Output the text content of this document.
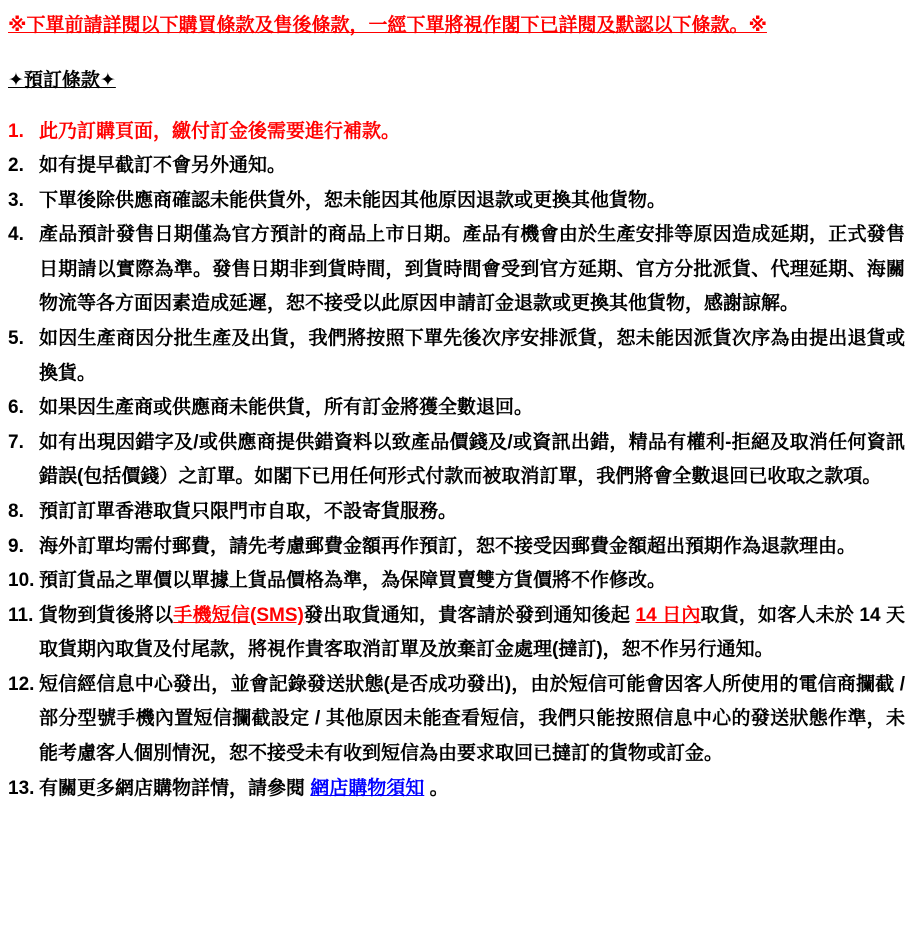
※下單前請詳閱以下購買條款及售後條款，一經下單將視作閣下已詳閱及默認以下條款。※

✦預訂條款✦
1. 此乃訂購頁面，繳付訂金後需要進行補款。
2. 如有提早截訂不會另外通知。
3. 下單後除供應商確認未能供貨外，恕未能因其他原因退款或更換其他貨物。
4. 產品預計發售日期僅為官方預計的商品上市日期。產品有機會由於生產安排等原因造成延期，正式發售日期請以實際為準。發售日期非到貨時間，到貨時間會受到官方延期、官方分批派貨、代理延期、海關物流等各方面因素造成延遲，恕不接受以此原因申請訂金退款或更換其他貨物，感謝諒解。
5. 如因生產商因分批生產及出貨，我們將按照下單先後次序安排派貨，恕未能因派貨次序為由提出退貨或換貨。
6. 如果因生產商或供應商未能供貨，所有訂金將獲全數退回。
7. 如有出現因錯字及/或供應商提供錯資料以致產品價錢及/或資訊出錯，精品有權利-拒絕及取消任何資訊錯誤(包括價錢）之訂單。如閣下已用任何形式付款而被取消訂單，我們將會全數退回已收取之款項。
8. 預訂訂單香港取貨只限門市自取，不設寄貨服務。
9. 海外訂單均需付郵費，請先考慮郵費金額再作預訂，恕不接受因郵費金額超出預期作為退款理由。
10. 預訂貨品之單價以單據上貨品價格為準，為保障買賣雙方貨價將不作修改。
11. 貨物到貨後將以手機短信(SMS)發出取貨通知，貴客請於發到通知後起 14 日內取貨，如客人未於 14 天取貨期內取貨及付尾款，將視作貴客取消訂單及放棄訂金處理(撻訂)，恕不作另行通知。
12. 短信經信息中心發出，並會記錄發送狀態(是否成功發出)，由於短信可能會因客人所使用的電信商攔截 / 部分型號手機內置短信攔截設定 / 其他原因未能查看短信，我們只能按照信息中心的發送狀態作準，未能考慮客人個別情況，恕不接受未有收到短信為由要求取回已撻訂的貨物或訂金。
13. 有關更多網店購物詳情，請參閱 網店購物須知 。
